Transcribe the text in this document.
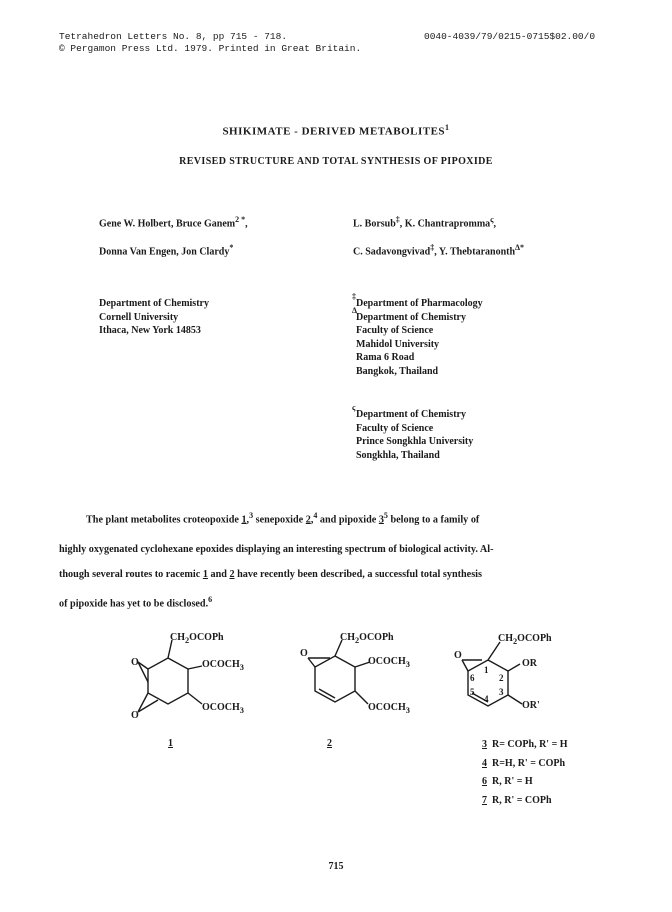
Tetrahedron Letters No. 8, pp 715 - 718.
© Pergamon Press Ltd. 1979. Printed in Great Britain.
0040-4039/79/0215-0715$02.00/0
SHIKIMATE - DERIVED METABOLITES$^1$
REVISED STRUCTURE AND TOTAL SYNTHESIS OF PIPOXIDE
Gene W. Holbert, Bruce Ganem$^{2 *}$,
Donna Van Engen, Jon Clardy*
L. Borsub‡, K. Chantrapromma$^\varsigma$,
C. Sadavongvivad‡, Y. Thebtaranonth$^{\Delta*}$
Department of Chemistry
Cornell University
Ithaca, New York 14853
‡
Δ
Department of Pharmacology
Department of Chemistry
Faculty of Science
Mahidol University
Rama 6 Road
Bangkok, Thailand
ς
Department of Chemistry
Faculty of Science
Prince Songkhla University
Songkhla, Thailand
The plant metabolites croteopoxide 1,$^3$ senepoxide 2,$^4$ and pipoxide $3^5$ belong to a family of
highly oxygenated cyclohexane epoxides displaying an interesting spectrum of biological activity. Al-
though several routes to racemic 1 and 2 have recently been described, a successful total synthesis
of pipoxide has yet to be disclosed.$^6$
$CH_2OCOPh$
$OCOCH_3$
$OCOCH_3$
O
O
1
$CH_2OCOPh$
$OCOCH_3$
$OCOCH_3$
O
2
$CH_2OCOPh$
OR
OR'
O
1
2
3
4
5
6
3 R= COPh, R' = H
4 R=H, R' = COPh
6 R, R' = H
7 R, R' = COPh
715
